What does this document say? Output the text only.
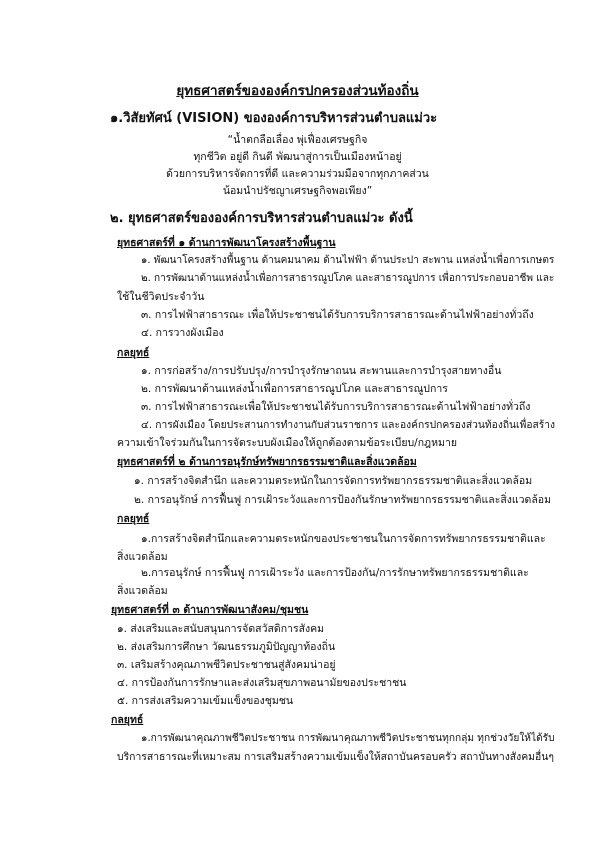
ยุทธศาสตร์ขององค์กรปกครองส่วนท้องถิ่น
๑.วิสัยทัศน์ (VISION) ขององค์การบริหารส่วนตำบลแม่วะ
“น้ำตกลือเลื่อง พุ่เฟื่องเศรษฐกิจ
ทุกชีวิต อยู่ดี กินดี พัฒนาสู่การเป็นเมืองหน้าอยู่
ด้วยการบริหารจัดการที่ดี และความร่วมมือจากทุกภาคส่วน
น้อมนำปรัชญาเศรษฐกิจพอเพียง”
๒. ยุทธศาสตร์ขององค์การบริหารส่วนตำบลแม่วะ ดังนี้
ยุทธศาสตร์ที่ ๑ ด้านการพัฒนาโครงสร้างพื้นฐาน
๑. พัฒนาโครงสร้างพื้นฐาน ด้านคมนาคม ด้านไฟฟ้า ด้านประปา สะพาน แหล่งน้ำเพื่อการเกษตร
๒. การพัฒนาด้านแหล่งน้ำเพื่อการสาธารณูปโภค และสาธารณูปการ เพื่อการประกอบอาชีพ และ
ใช้ในชีวิตประจำวัน
๓. การไฟฟ้าสาธารณะ เพื่อให้ประชาชนได้รับการบริการสาธารณะด้านไฟฟ้าอย่างทั่วถึง
๔. การวางผังเมือง
กลยุทธ์
๑. การก่อสร้าง/การปรับปรุง/การบำรุงรักษาถนน สะพานและการบำรุงสายทางอื่น
๒. การพัฒนาด้านแหล่งน้ำเพื่อการสาธารณูปโภค และสาธารณูปการ
๓. การไฟฟ้าสาธารณะเพื่อให้ประชาชนได้รับการบริการสาธารณะด้านไฟฟ้าอย่างทั่วถึง
๔. การผังเมือง โดยประสานการทำงานกับส่วนราชการ และองค์กรปกครองส่วนท้องถิ่นเพื่อสร้าง
ความเข้าใจร่วมกันในการจัดระบบผังเมืองให้ถูกต้องตามข้อระเบียบ/กฎหมาย
ยุทธศาสตร์ที่ ๒ ด้านการอนุรักษ์ทรัพยากรธรรมชาติและสิ่งแวดล้อม
๑. การสร้างจิตสำนึก และความตระหนักในการจัดการทรัพยากรธรรมชาติและสิ่งแวดล้อม
๒. การอนุรักษ์ การฟื้นฟู การเฝ้าระวังและการป้องกันรักษาทรัพยากรธรรมชาติและสิ่งแวดล้อม
กลยุทธ์
๑.การสร้างจิตสำนึกและความตระหนักของประชาชนในการจัดการทรัพยากรธรรมชาติและ
สิ่งแวดล้อม
๒.การอนุรักษ์ การฟื้นฟู การเฝ้าระวัง และการป้องกัน/การรักษาทรัพยากรธรรมชาติและ
สิ่งแวดล้อม
ยุทธศาสตร์ที่ ๓ ด้านการพัฒนาสังคม/ชุมชน
๑. ส่งเสริมและสนับสนุนการจัดสวัสดิการสังคม
๒. ส่งเสริมการศึกษา วัฒนธรรมภูมิปัญญาท้องถิ่น
๓. เสริมสร้างคุณภาพชีวิตประชาชนสู่สังคมน่าอยู่
๔. การป้องกันการรักษาและส่งเสริมสุขภาพอนามัยของประชาชน
๕. การส่งเสริมความเข้มแข็งของชุมชน
กลยุทธ์
๑.การพัฒนาคุณภาพชีวิตประชาชน การพัฒนาคุณภาพชีวิตประชาชนทุกกลุ่ม ทุกช่วงวัยให้ได้รับ
บริการสาธารณะที่เหมาะสม การเสริมสร้างความเข้มแข็งให้สถาบันครอบครัว สถาบันทางสังคมอื่นๆ
